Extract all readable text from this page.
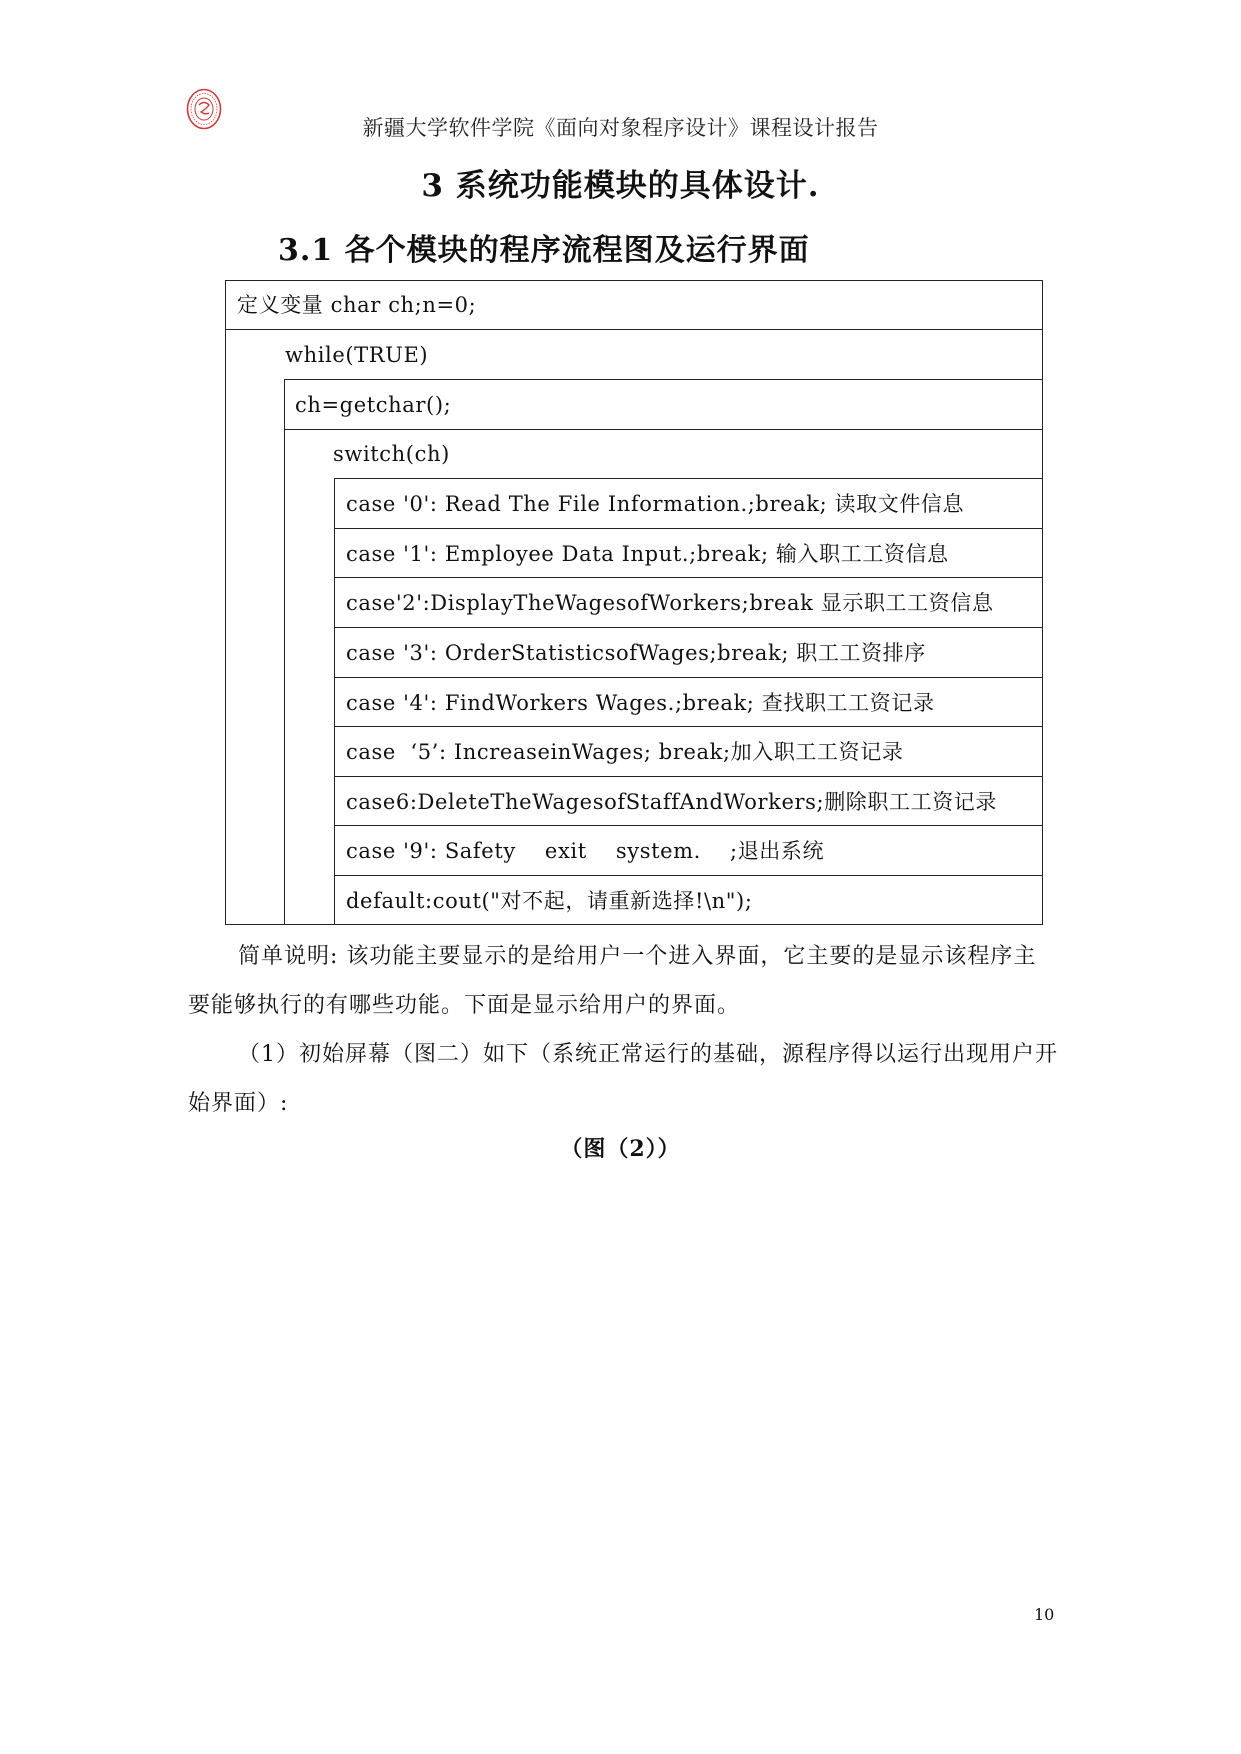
新疆大学软件学院《面向对象程序设计》课程设计报告
3 系统功能模块的具体设计.
3.1 各个模块的程序流程图及运行界面
定义变量 char ch;n=0;
while(TRUE)
ch=getchar();
switch(ch)
case '0': Read The File Information.;break; 读取文件信息
case '1': Employee Data Input.;break; 输入职工工资信息
case'2':DisplayTheWagesofWorkers;break 显示职工工资信息
case '3': OrderStatisticsofWages;break; 职工工资排序
case '4': FindWorkers Wages.;break; 查找职工工资记录
case  ‘5’: IncreaseinWages; break;加入职工工资记录
case6:DeleteTheWagesofStaffAndWorkers;删除职工工资记录
case '9': Safety    exit    system.    ;退出系统
default:cout("对不起，请重新选择!\n");
简单说明: 该功能主要显示的是给用户一个进入界面，它主要的是显示该程序主要能够执行的有哪些功能。下面是显示给用户的界面。
（1）初始屏幕（图二）如下（系统正常运行的基础，源程序得以运行出现用户开始界面）:
（图（2））
10
